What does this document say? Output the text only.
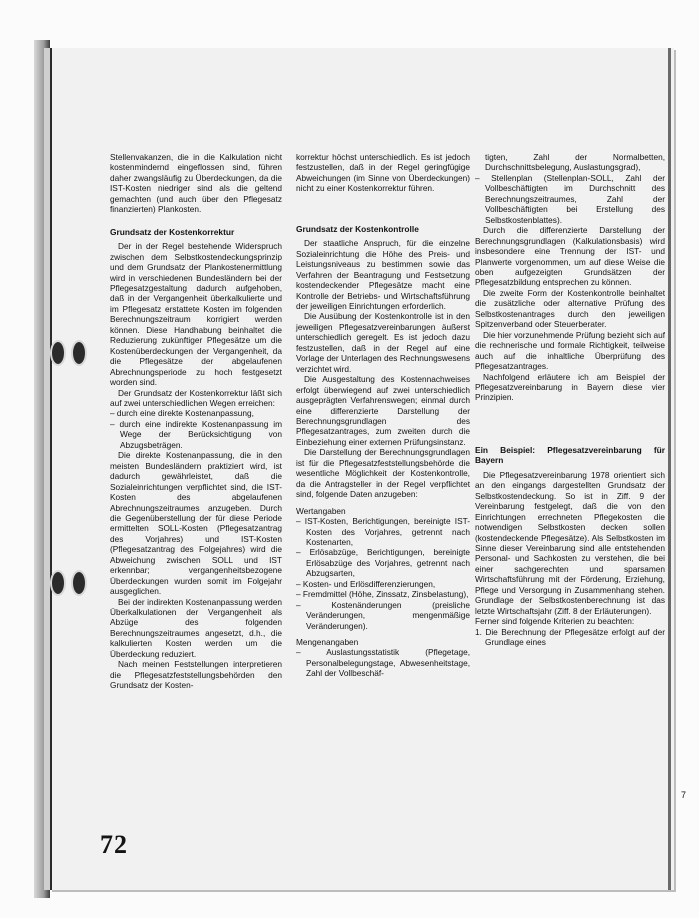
Stellenvakanzen, die in die Kalkulation nicht kostenmindernd eingeflossen sind, führen daher zwangsläufig zu Überdeckungen, da die IST-Kosten niedriger sind als die geltend gemachten (und auch über den Pflegesatz finanzierten) Plankosten.

Grundsatz der Kostenkorrektur

Der in der Regel bestehende Widerspruch zwischen dem Selbstkostendeckungsprinzip und dem Grundsatz der Plankostenermittlung wird in verschiedenen Bundesländern bei der Pflegesatzgestaltung dadurch aufgehoben, daß in der Vergangenheit überkalkulierte und im Pflegesatz erstattete Kosten im folgenden Berechnungszeitraum korrigiert werden können. Diese Handhabung beinhaltet die Reduzierung zukünftiger Pflegesätze um die Kostenüberdeckungen der Vergangenheit, da die Pflegesätze der abgelaufenen Abrechnungsperiode zu hoch festgesetzt worden sind.

Der Grundsatz der Kostenkorrektur läßt sich auf zwei unterschiedlichen Wegen erreichen:

– durch eine direkte Kostenanpassung,
– durch eine indirekte Kostenanpassung im Wege der Berücksichtigung von Abzugsbeträgen.

Die direkte Kostenanpassung, die in den meisten Bundesländern praktiziert wird, ist dadurch gewährleistet, daß die Sozialeinrichtungen verpflichtet sind, die IST-Kosten des abgelaufenen Abrechnungszeitraumes anzugeben. Durch die Gegenüberstellung der für diese Periode ermittelten SOLL-Kosten (Pflegesatzantrag des Vorjahres) und IST-Kosten (Pflegesatzantrag des Folgejahres) wird die Abweichung zwischen SOLL und IST erkennbar; vergangenheitsbezogene Überdeckungen wurden somit im Folgejahr ausgeglichen.

Bei der indirekten Kostenanpassung werden Überkalkulationen der Vergangenheit als Abzüge des folgenden Berechnungszeitraumes angesetzt, d.h., die kalkulierten Kosten werden um die Überdeckung reduziert.

Nach meinen Feststellungen interpretieren die Pflegesatzfeststellungsbehörden den Grundsatz der Kosten-

korrektur höchst unterschiedlich. Es ist jedoch festzustellen, daß in der Regel geringfügige Abweichungen (im Sinne von Überdeckungen) nicht zu einer Kostenkorrektur führen.

Grundsatz der Kostenkontrolle

Der staatliche Anspruch, für die einzelne Sozialeinrichtung die Höhe des Preis- und Leistungsniveaus zu bestimmen sowie das Verfahren der Beantragung und Festsetzung kostendeckender Pflegesätze macht eine Kontrolle der Betriebs- und Wirtschaftsführung der jeweiligen Einrichtungen erforderlich.

Die Ausübung der Kostenkontrolle ist in den jeweiligen Pflegesatzvereinbarungen äußerst unterschiedlich geregelt. Es ist jedoch dazu festzustellen, daß in der Regel auf eine Vorlage der Unterlagen des Rechnungswesens verzichtet wird.

Die Ausgestaltung des Kostennachweises erfolgt überwiegend auf zwei unterschiedlich ausgeprägten Verfahrenswegen; einmal durch eine differenzierte Darstellung der Berechnungsgrundlagen des Pflegesatzantrages, zum zweiten durch die Einbeziehung einer externen Prüfungsinstanz.

Die Darstellung der Berechnungsgrundlagen ist für die Pflegesatzfeststellungsbehörde die wesentliche Möglichkeit der Kostenkontrolle, da die Antragsteller in der Regel verpflichtet sind, folgende Daten anzugeben:

Wertangaben

– IST-Kosten, Berichtigungen, bereinigte IST-Kosten des Vorjahres, getrennt nach Kostenarten,
– Erlösabzüge, Berichtigungen, bereinigte Erlösabzüge des Vorjahres, getrennt nach Abzugsarten,
– Kosten- und Erlösdifferenzierungen,
– Fremdmittel (Höhe, Zinssatz, Zinsbelastung),
– Kostenänderungen (preisliche Veränderungen, mengenmäßige Veränderungen).

Mengenangaben

– Auslastungsstatistik (Pflegetage, Personalbelegungstage, Abwesenheitstage, Zahl der Vollbeschäf-

tigten, Zahl der Normalbetten, Durchschnittsbelegung, Auslastungsgrad),

– Stellenplan (Stellenplan-SOLL, Zahl der Vollbeschäftigten im Durchschnitt des Berechnungszeitraumes, Zahl der Vollbeschäftigten bei Erstellung des Selbstkostenblattes).

Durch die differenzierte Darstellung der Berechnungsgrundlagen (Kalkulationsbasis) wird insbesondere eine Trennung der IST- und Planwerte vorgenommen, um auf diese Weise die oben aufgezeigten Grundsätzen der Pflegesatzbildung entsprechen zu können.

Die zweite Form der Kostenkontrolle beinhaltet die zusätzliche oder alternative Prüfung des Selbstkostenantrages durch den jeweiligen Spitzenverband oder Steuerberater.

Die hier vorzunehmende Prüfung bezieht sich auf die rechnerische und formale Richtigkeit, teilweise auch auf die inhaltliche Überprüfung des Pflegesatzantrages.

Nachfolgend erläutere ich am Beispiel der Pflegesatzvereinbarung in Bayern diese vier Prinzipien.

Ein Beispiel: Pflegesatzvereinbarung für Bayern

Die Pflegesatzvereinbarung 1978 orientiert sich an den eingangs dargestellten Grundsatz der Selbstkostendeckung. So ist in Ziff. 9 der Vereinbarung festgelegt, daß die von den Einrichtungen errechneten Pflegekosten die notwendigen Selbstkosten decken sollen (kostendeckende Pflegesätze). Als Selbstkosten im Sinne dieser Vereinbarung sind alle entstehenden Personal- und Sachkosten zu verstehen, die bei einer sachgerechten und sparsamen Wirtschaftsführung mit der Förderung, Erziehung, Pflege und Versorgung in Zusammenhang stehen. Grundlage der Selbstkostenberechnung ist das letzte Wirtschaftsjahr (Ziff. 8 der Erläuterungen).

Ferner sind folgende Kriterien zu beachten:

1. Die Berechnung der Pflegesätze erfolgt auf der Grundlage eines
72
7
